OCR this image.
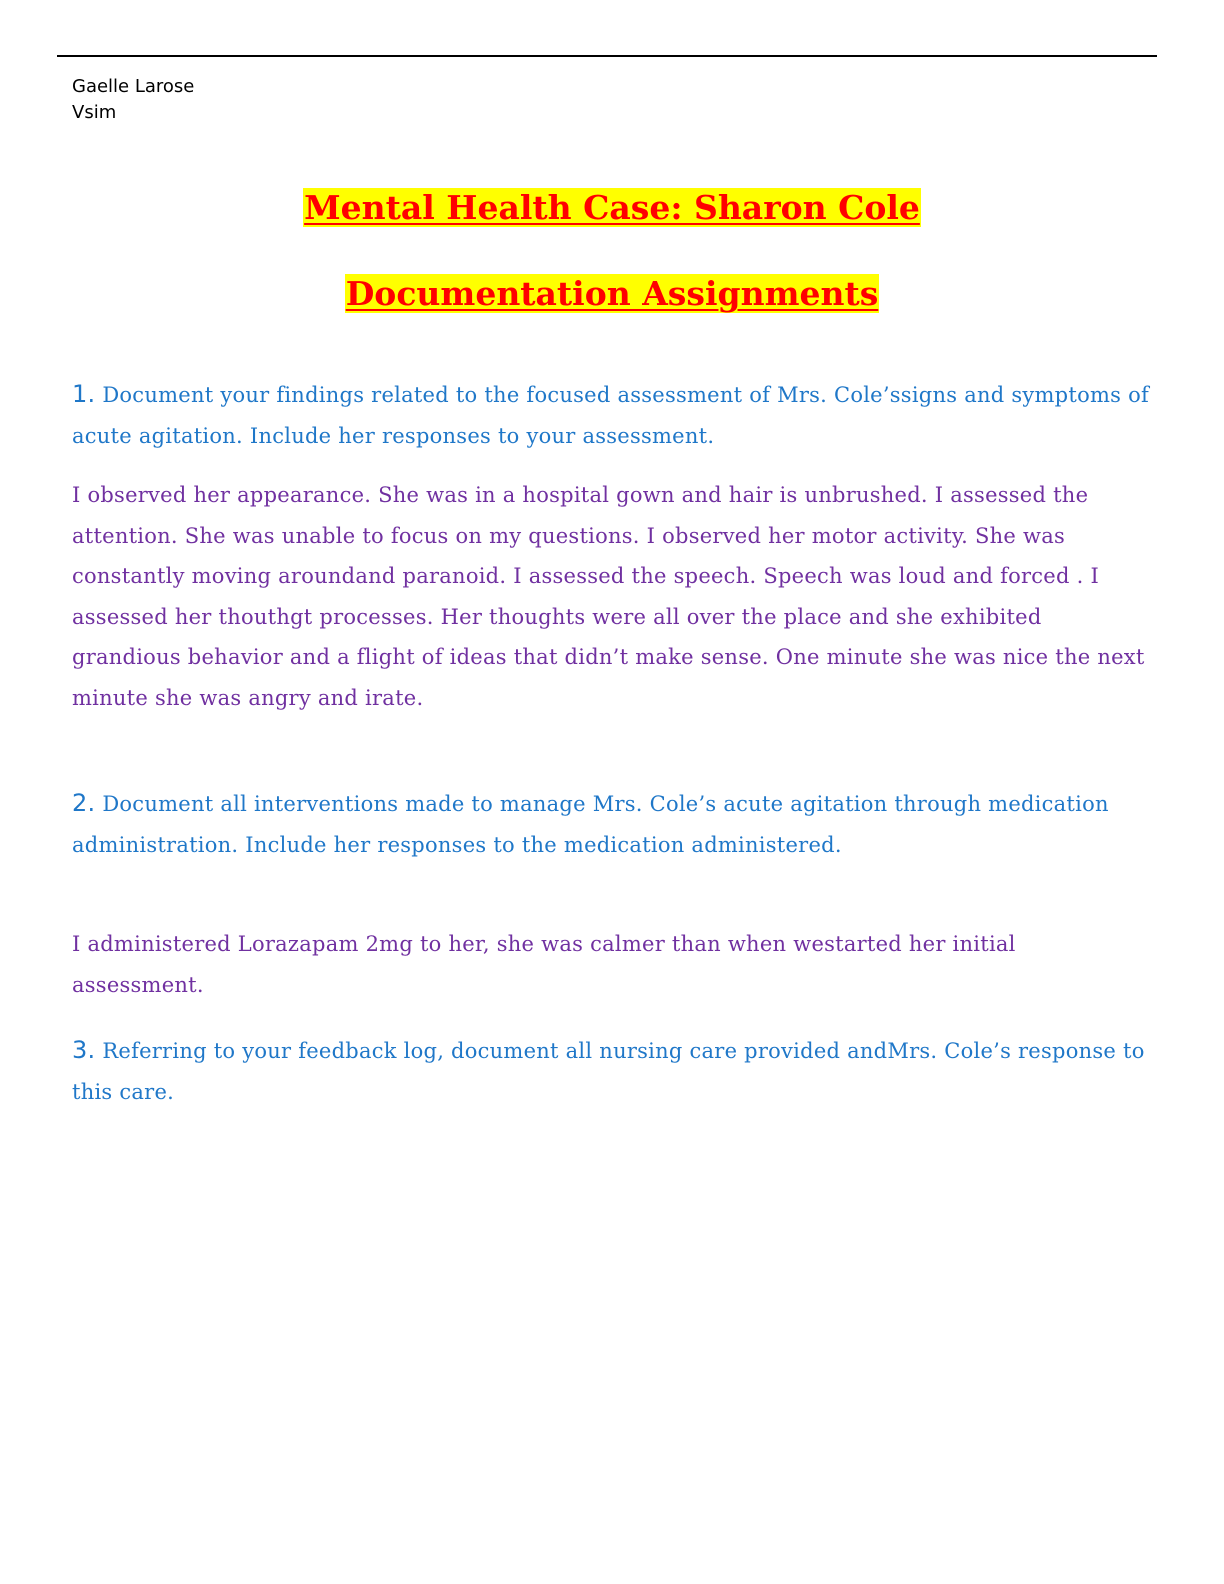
Gaelle Larose
Vsim
Mental Health Case: Sharon Cole
Documentation Assignments
1. Document your findings related to the focused assessment of Mrs. Cole’ssigns and symptoms of acute agitation. Include her responses to your assessment.
I observed her appearance. She was in a hospital gown and hair is unbrushed. I assessed the attention. She was unable to focus on my questions. I observed her motor activity. She was constantly moving aroundand paranoid. I assessed the speech. Speech was loud and forced . I assessed her thouthgt processes. Her thoughts were all over the place and she exhibited grandious behavior and a flight of ideas that didn’t make sense. One minute she was nice the next minute she was angry and irate.
2. Document all interventions made to manage Mrs. Cole’s acute agitation through medication administration. Include her responses to the medication administered.
I administered Lorazapam 2mg to her, she was calmer than when westarted her initial assessment.
3. Referring to your feedback log, document all nursing care provided andMrs. Cole’s response to this care.
